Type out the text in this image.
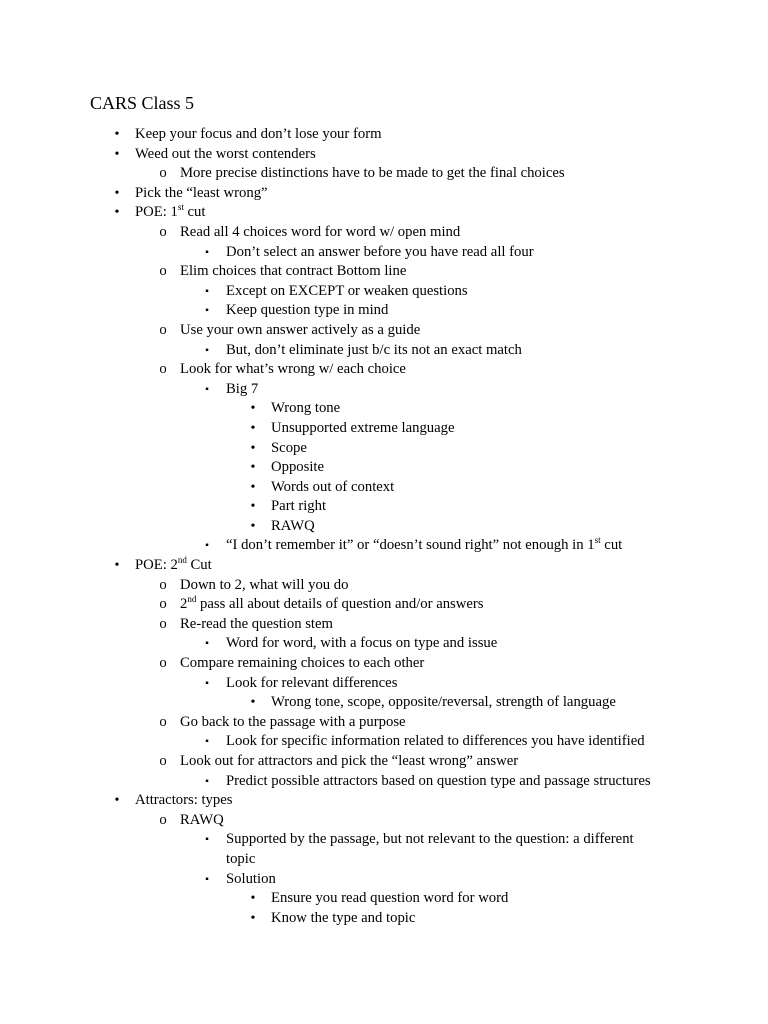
CARS Class 5
•	Keep your focus and don’t lose your form
•	Weed out the worst contenders
o More precise distinctions have to be made to get the final choices
•	Pick the “least wrong”
•	POE: 1st cut
o Read all 4 choices word for word w/ open mind
▪	Don’t select an answer before you have read all four
o Elim choices that contract Bottom line
▪	Except on EXCEPT or weaken questions
▪	Keep question type in mind
o Use your own answer actively as a guide
▪	But, don’t eliminate just b/c its not an exact match
o Look for what’s wrong w/ each choice
▪	Big 7
•	Wrong tone
•	Unsupported extreme language
•	Scope
•	Opposite
•	Words out of context
•	Part right
•	RAWQ
▪	“I don’t remember it” or “doesn’t sound right” not enough in 1st cut
•	POE: 2nd Cut
o Down to 2, what will you do
o 2nd pass all about details of question and/or answers
o Re-read the question stem
▪	Word for word, with a focus on type and issue
o Compare remaining choices to each other
▪	Look for relevant differences
•	Wrong tone, scope, opposite/reversal, strength of language
o Go back to the passage with a purpose
▪	Look for specific information related to differences you have identified
o Look out for attractors and pick the “least wrong” answer
▪	Predict possible attractors based on question type and passage structures
•	Attractors: types
o RAWQ
▪	Supported by the passage, but not relevant to the question: a different topic
▪	Solution
•	Ensure you read question word for word
•	Know the type and topic
